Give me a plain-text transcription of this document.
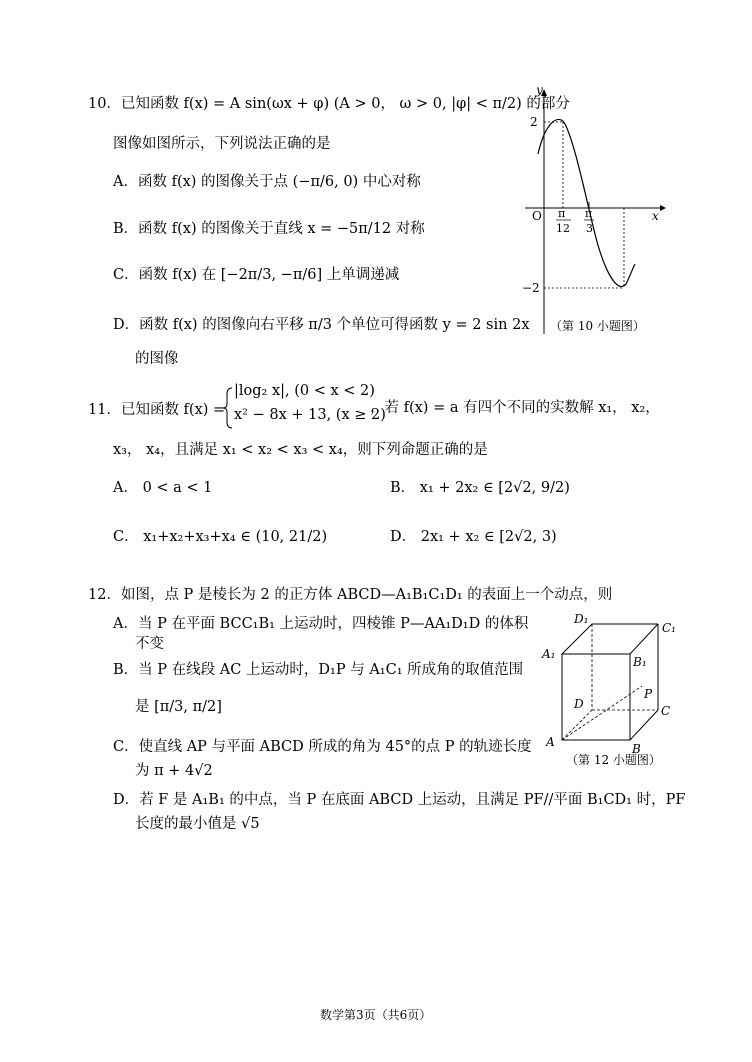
10．已知函数 f(x) = A sin(ωx + φ) (A > 0， ω > 0, |φ| < π/2) 的部分
图像如图所示，下列说法正确的是
A．函数 f(x) 的图像关于点 (−π/6, 0) 中心对称
B．函数 f(x) 的图像关于直线 x = −5π/12 对称
C．函数 f(x) 在 [−2π/3, −π/6] 上单调递减
D．函数 f(x) 的图像向右平移 π/3 个单位可得函数 y = 2 sin 2x
的图像
y
x
O
2
−2
π
12
π
3
（第 10 小题图）
11．已知函数 f(x) =
|log₂ x|, (0 < x < 2)
x² − 8x + 13, (x ≥ 2)
，若 f(x) = a 有四个不同的实数解 x₁， x₂，
x₃， x₄，且满足 x₁ < x₂ < x₃ < x₄，则下列命题正确的是
A． 0 < a < 1	B． x₁ + 2x₂ ∈ [2√2, 9/2)
C． x₁+x₂+x₃+x₄ ∈ (10, 21/2)	D． 2x₁ + x₂ ∈ [2√2, 3)
12．如图，点 P 是棱长为 2 的正方体 ABCD—A₁B₁C₁D₁ 的表面上一个动点，则
A．当 P 在平面 BCC₁B₁ 上运动时，四棱锥 P—AA₁D₁D 的体积
不变
B．当 P 在线段 AC 上运动时，D₁P 与 A₁C₁ 所成角的取值范围
是 [π/3, π/2]
C．使直线 AP 与平面 ABCD 所成的角为 45°的点 P 的轨迹长度
为 π + 4√2
D．若 F 是 A₁B₁ 的中点，当 P 在底面 ABCD 上运动，且满足 PF//平面 B₁CD₁ 时，PF
长度的最小值是 √5
D₁
C₁
A₁
B₁
P
D	C
A	B
（第 12 小题图）
数学第3页（共6页）
